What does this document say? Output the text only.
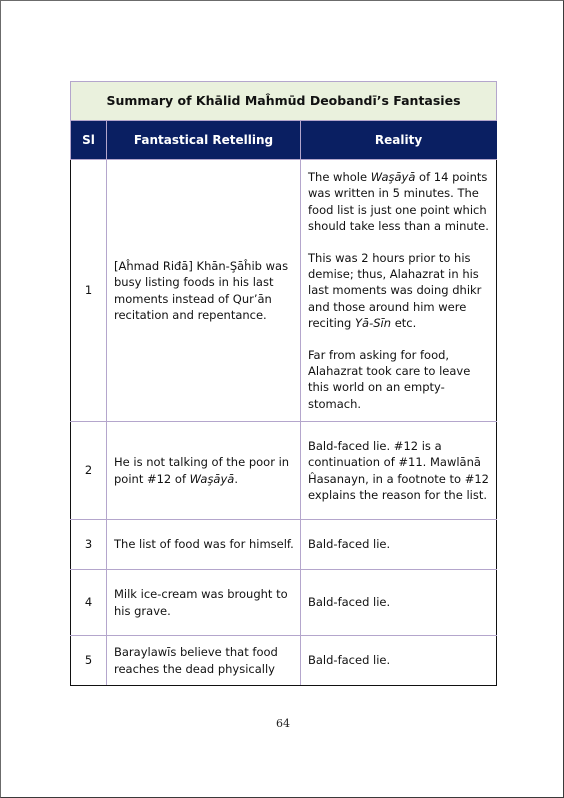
Summary of Khālid Maĥmūd Deobandī’s Fantasies		
Sl	Fantastical Retelling	Reality
1	[Aĥmad Riđā] Khān-Şāĥib was busy listing foods in his last moments instead of Qur’ān recitation and repentance.	The whole Waşāyā of 14 points was written in 5 minutes. The food list is just one point which should take less than a minute.

This was 2 hours prior to his demise; thus, Alahazrat in his last moments was doing dhikr and those around him were reciting Yā-Sīn etc.

Far from asking for food, Alahazrat took care to leave this world on an empty-stomach.

2	He is not talking of the poor in point #12 of Waşāyā.	Bald-faced lie. #12 is a continuation of #11. Mawlānā Ĥasanayn, in a footnote to #12 explains the reason for the list.

3	The list of food was for himself.	Bald-faced lie.
4	Milk ice-cream was brought to his grave.	Bald-faced lie.
5	Baraylawīs believe that food reaches the dead physically	Bald-faced lie.
64
